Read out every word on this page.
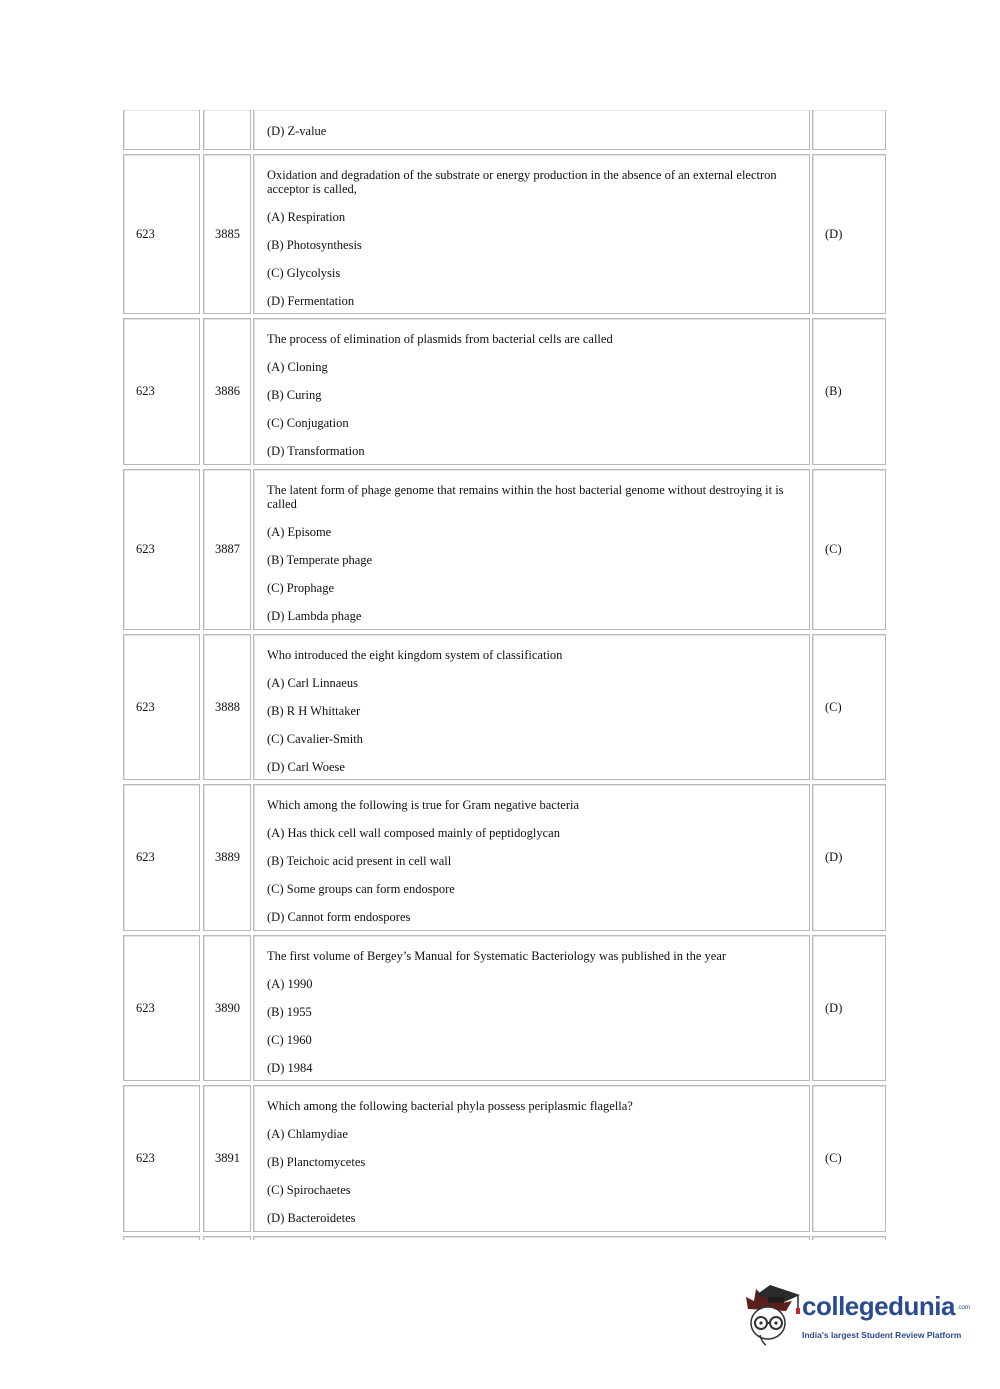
(D) Z-value
623	3885

Oxidation and degradation of the substrate or energy production in the absence of an external electron acceptor is called,

(A) Respiration

(B) Photosynthesis

(C) Glycolysis

(D) Fermentation

(D)
623	3886

The process of elimination of plasmids from bacterial cells are called

(A) Cloning

(B) Curing

(C) Conjugation

(D) Transformation

(B)
623	3887

The latent form of phage genome that remains within the host bacterial genome without destroying it is called

(A) Episome

(B) Temperate phage

(C) Prophage

(D) Lambda phage

(C)
623	3888

Who introduced the eight kingdom system of classification

(A) Carl Linnaeus

(B) R H Whittaker

(C) Cavalier-Smith

(D) Carl Woese

(C)
623	3889

Which among the following is true for Gram negative bacteria

(A) Has thick cell wall composed mainly of peptidoglycan

(B) Teichoic acid present in cell wall

(C) Some groups can form endospore

(D) Cannot form endospores

(D)
623	3890

The first volume of Bergey’s Manual for Systematic Bacteriology was published in the year

(A) 1990

(B) 1955

(C) 1960

(D) 1984

(D)
623	3891

Which among the following bacterial phyla possess periplasmic flagella?

(A) Chlamydiae

(B) Planctomycetes

(C) Spirochaetes

(D) Bacteroidetes

(C)
collegedunia .com
India's largest Student Review Platform
